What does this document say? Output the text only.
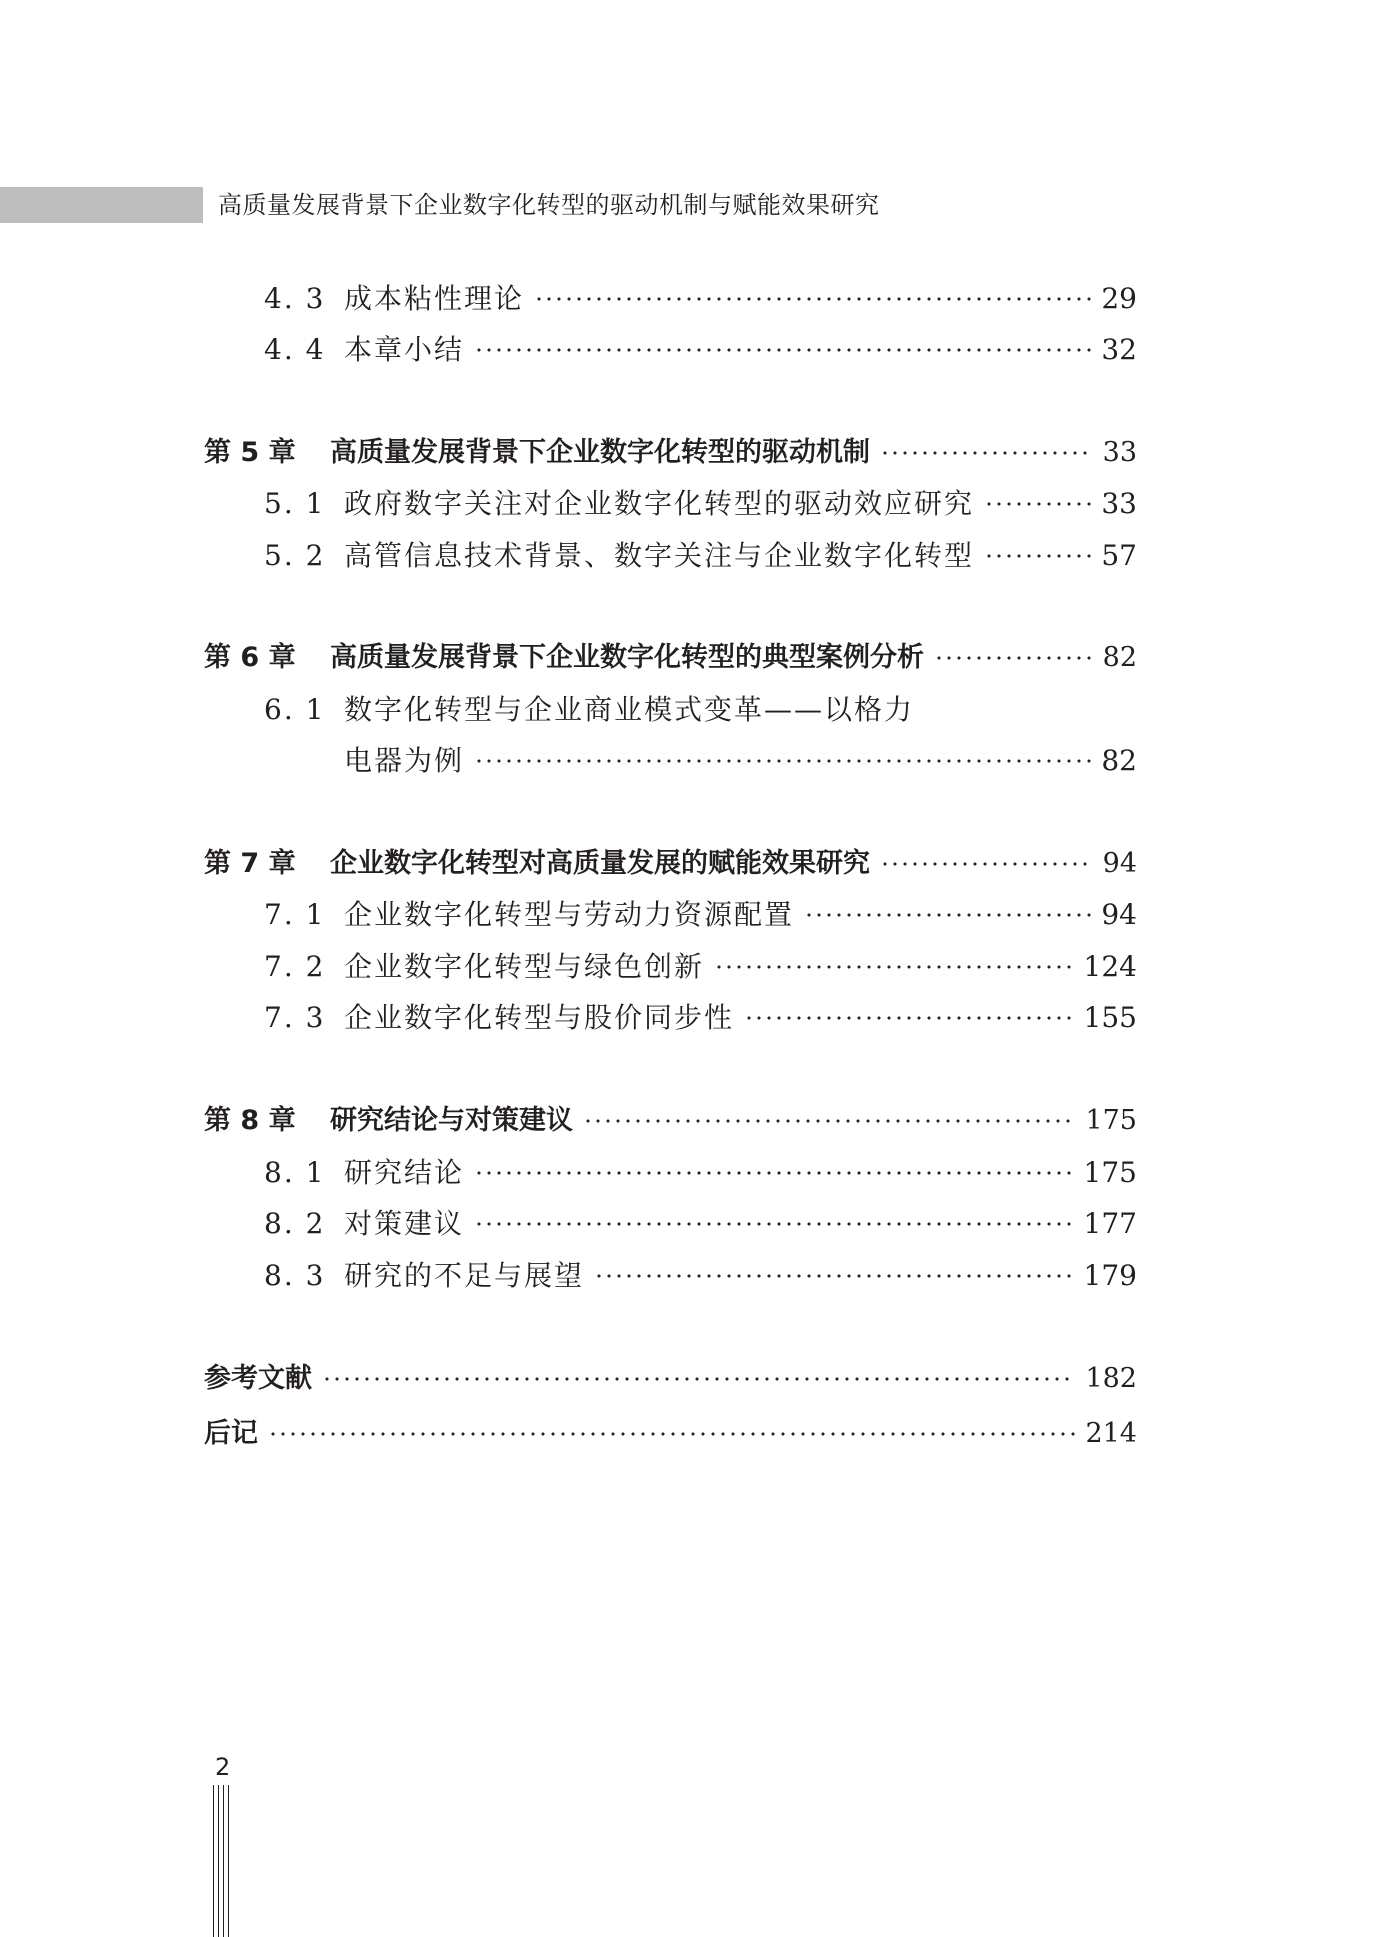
高质量发展背景下企业数字化转型的驱动机制与赋能效果研究
4. 3 成本粘性理论	29
4. 4 本章小结	32
第 5 章	高质量发展背景下企业数字化转型的驱动机制	33
5. 1 政府数字关注对企业数字化转型的驱动效应研究	33
5. 2 高管信息技术背景、数字关注与企业数字化转型	57
第 6 章	高质量发展背景下企业数字化转型的典型案例分析	82
6. 1 数字化转型与企业商业模式变革——以格力
电器为例	82
第 7 章	企业数字化转型对高质量发展的赋能效果研究	94
7. 1 企业数字化转型与劳动力资源配置	94
7. 2 企业数字化转型与绿色创新	124
7. 3 企业数字化转型与股价同步性	155
第 8 章	研究结论与对策建议	175
8. 1 研究结论	175
8. 2 对策建议	177
8. 3 研究的不足与展望	179
参考文献	182
后记	214
2
